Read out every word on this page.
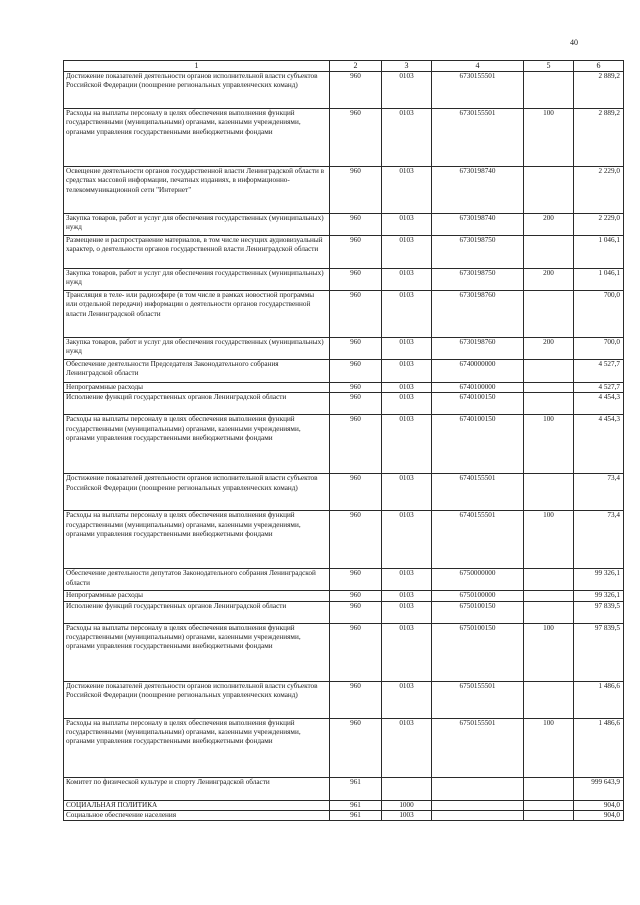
40
1	2	3	4	5	6
Достижение показателей деятельности органов исполнительной власти субъектов Российской Федерации (поощрение региональных управленческих команд)	960	0103	6730155501		2 889,2
Расходы на выплаты персоналу в целях обеспечения выполнения функций государственными (муниципальными) органами, казенными учреждениями, органами управления государственными внебюджетными фондами	960	0103	6730155501	100	2 889,2
Освещение деятельности органов государственной власти Ленинградской области в средствах массовой информации, печатных изданиях, в информационно-телекоммуникационной сети "Интернет"	960	0103	6730198740		2 229,0
Закупка товаров, работ и услуг для обеспечения государственных (муниципальных) нужд	960	0103	6730198740	200	2 229,0
Размещение и распространение материалов, в том числе несущих аудиовизуальный характер, о деятельности органов государственной власти Ленинградской области	960	0103	6730198750		1 046,1
Закупка товаров, работ и услуг для обеспечения государственных (муниципальных) нужд	960	0103	6730198750	200	1 046,1
Трансляция в теле- или радиоэфире (в том числе в рамках новостной программы или отдельной передачи) информации о деятельности органов государственной власти Ленинградской области	960	0103	6730198760		700,0
Закупка товаров, работ и услуг для обеспечения государственных (муниципальных) нужд	960	0103	6730198760	200	700,0
Обеспечение деятельности Председателя Законодательного собрания Ленинградской области	960	0103	6740000000		4 527,7
Непрограммные расходы	960	0103	6740100000		4 527,7
Исполнение функций государственных органов Ленинградской области	960	0103	6740100150		4 454,3
Расходы на выплаты персоналу в целях обеспечения выполнения функций государственными (муниципальными) органами, казенными учреждениями, органами управления государственными внебюджетными фондами	960	0103	6740100150	100	4 454,3
Достижение показателей деятельности органов исполнительной власти субъектов Российской Федерации (поощрение региональных управленческих команд)	960	0103	6740155501		73,4
Расходы на выплаты персоналу в целях обеспечения выполнения функций государственными (муниципальными) органами, казенными учреждениями, органами управления государственными внебюджетными фондами	960	0103	6740155501	100	73,4
Обеспечение деятельности депутатов Законодательного собрания Ленинградской области	960	0103	6750000000		99 326,1
Непрограммные расходы	960	0103	6750100000		99 326,1
Исполнение функций государственных органов Ленинградской области	960	0103	6750100150		97 839,5
Расходы на выплаты персоналу в целях обеспечения выполнения функций государственными (муниципальными) органами, казенными учреждениями, органами управления государственными внебюджетными фондами	960	0103	6750100150	100	97 839,5
Достижение показателей деятельности органов исполнительной власти субъектов Российской Федерации (поощрение региональных управленческих команд)	960	0103	6750155501		1 486,6
Расходы на выплаты персоналу в целях обеспечения выполнения функций государственными (муниципальными) органами, казенными учреждениями, органами управления государственными внебюджетными фондами	960	0103	6750155501	100	1 486,6
Комитет по физической культуре и спорту Ленинградской области	961				999 643,9
СОЦИАЛЬНАЯ ПОЛИТИКА	961	1000			904,0
Социальное обеспечение населения	961	1003			904,0
